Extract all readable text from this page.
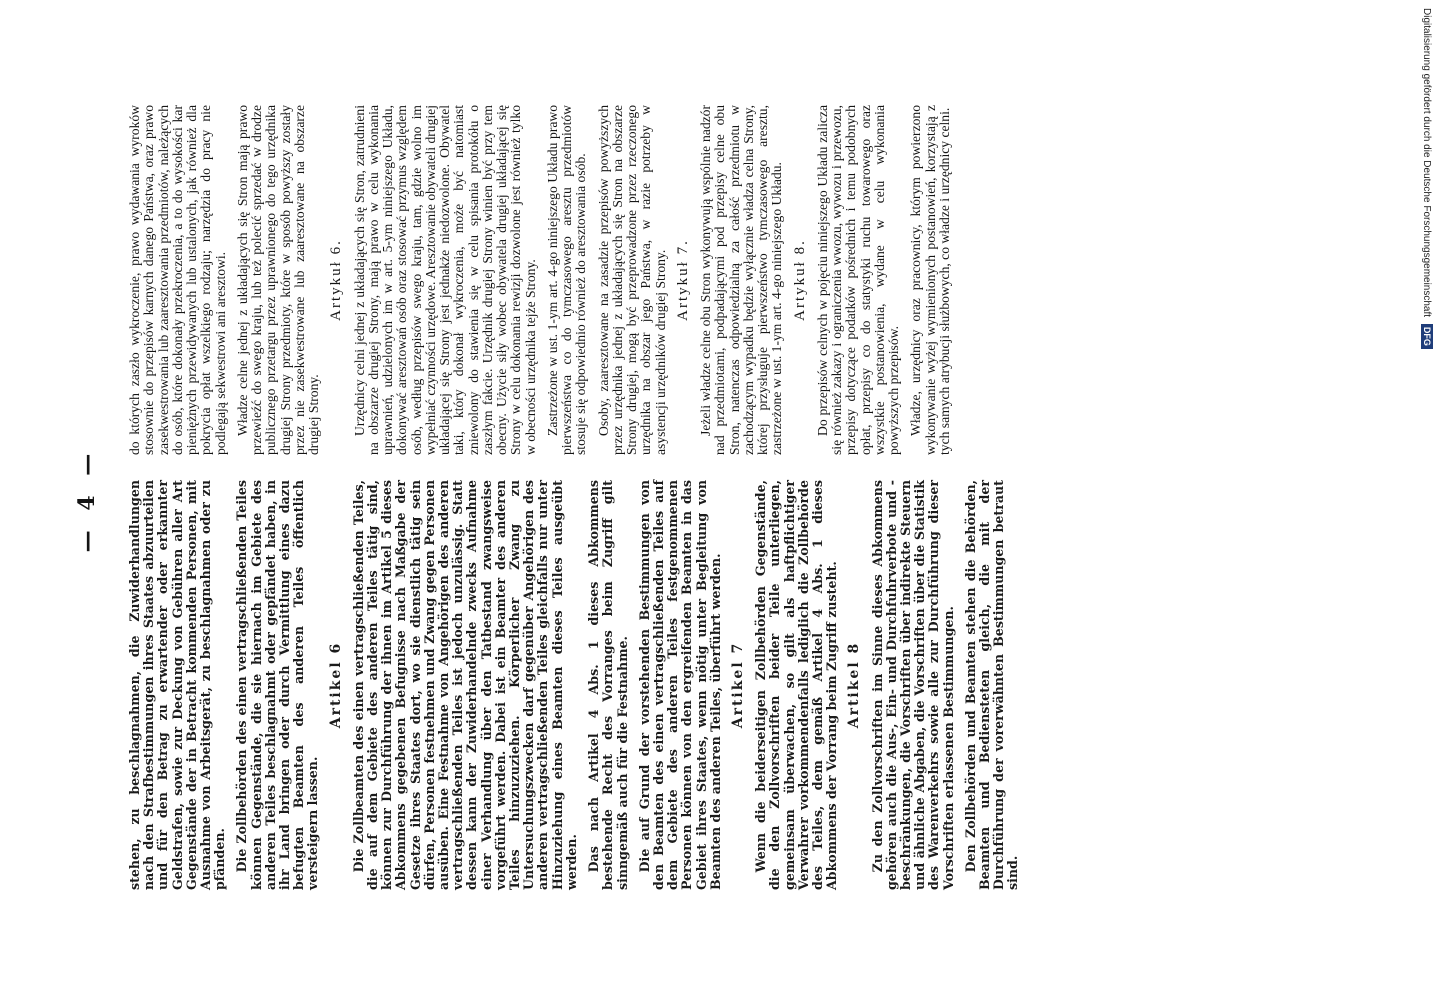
— 4 — stehen, zu beschlagnahmen, die Zuwiderhandlungen nach den Strafbestimmungen ihres Staates abzuurteilen und für den Betrag zu erwartender oder erkannter Geldstrafen, sowie zur Deckung von Gebühren aller Art Gegenstände der in Betracht kommenden Personen, mit Ausnahme von Arbeitsgerät, zu beschlagnahmen oder zu pfänden. Die Zollbehörden des einen vertragschließenden Teiles können Gegenstände, die sie hiernach im Gebiete des anderen Teiles beschlagnahmt oder gepfändet haben, in ihr Land bringen oder durch Vermittlung eines dazu befugten Beamten des anderen Teiles öffentlich versteigern lassen.

Artikel 6 Die Zollbeamten des einen vertragschließenden Teiles, die auf dem Gebiete des anderen Teiles tätig sind, können zur Durchführung der ihnen im Artikel 5 dieses Abkommens gegebenen Befugnisse nach Maßgabe der Gesetze ihres Staates dort, wo sie dienstlich tätig sein dürfen, Personen festnehmen und Zwang gegen Personen ausüben. Eine Festnahme von Angehörigen des anderen vertragschließenden Teiles ist jedoch unzulässig. Statt dessen kann der Zuwiderhandelnde zwecks Aufnahme einer Verhandlung über den Tatbestand zwangsweise vorgeführt werden. Dabei ist ein Beamter des anderen Teiles hinzuzuziehen. Körperlicher Zwang zu Untersuchungszwecken darf gegenüber Angehörigen des anderen vertragschließenden Teiles gleichfalls nur unter Hinzuziehung eines Beamten dieses Teiles ausgeübt werden. Das nach Artikel 4 Abs. 1 dieses Abkommens bestehende Recht des Vorranges beim Zugriff gilt sinngemäß auch für die Festnahme. Die auf Grund der vorstehenden Bestimmungen von den Beamten des einen vertragschließenden Teiles auf dem Gebiete des anderen Teiles festgenommenen Personen können von den ergreifenden Beamten in das Gebiet ihres Staates, wenn nötig unter Begleitung von Beamten des anderen Teiles, überführt werden. Artikel 7 Wenn die beiderseitigen Zollbehörden Gegenstände, die den Zollvorschriften beider Teile unterliegen, gemeinsam überwachen, so gilt als haftpflichtiger Verwahrer vorkommendenfalls lediglich die Zollbehörde des Teiles, dem gemäß Artikel 4 Abs. 1 dieses Abkommens der Vorrang beim Zugriff zusteht. Artikel 8 Zu den Zollvorschriften im Sinne dieses Abkommens gehören auch die Aus-, Ein- und Durchfuhrverbote und -beschränkungen, die Vorschriften über indirekte Steuern und ähnliche Abgaben, die Vorschriften über die Statistik des Warenverkehrs sowie alle zur Durchführung dieser Vorschriften erlassenen Bestimmungen. Den Zollbehörden und Beamten stehen die Behörden, Beamten und Bediensteten gleich, die mit der Durchführung der vorerwähnten Bestimmungen betraut sind.

do których zaszło wykroczenie, prawo wydawania wyroków stosownie do przepisów karnych danego Państwa, oraz prawo zasekwestrowania lub zaaresztowania przedmiotów, należących do osób, które dokonały przekroczenia, a to do wysokości kar pieniężnych przewidywanych lub ustalonych, jak również dla pokrycia opłat wszelkiego rodzaju; narzędzia do pracy nie podlegają sekwestrowi ani aresztowi. Władze celne jednej z układających się Stron mają prawo przewieźć do swego kraju, lub też polecić sprzedać w drodze publicznego przetargu przez uprawnionego do tego urzędnika drugiej Strony przedmioty, które w sposób powyższy zostały przez nie zasekwestrowane lub zaaresztowane na obszarze drugiej Strony.

Artykuł 6. Urzędnicy celni jednej z układających się Stron, zatrudnieni na obszarze drugiej Strony, mają prawo w celu wykonania uprawnień, udzielonych im w art. 5-ym niniejszego Układu, dokonywać aresztowań osób oraz stosować przymus względem osób, według przepisów swego kraju, tam, gdzie wolno im wypełniać czynności urzędowe. Aresztowanie obywateli drugiej układającej się Strony jest jednakże niedozwolone. Obywatel taki, który dokonał wykroczenia, może być natomiast zniewolony do stawienia się w celu spisania protokółu o zaszłym fakcie. Urzędnik drugiej Strony winien być przy tem obecny. Użycie siły wobec obywatela drugiej układającej się Strony w celu dokonania rewizji dozwolone jest również tylko w obecności urzędnika tejże Strony. Zastrzeżone w ust. 1-ym art. 4-go niniejszego Układu prawo pierwszeństwa co do tymczasowego aresztu przedmiotów stosuje się odpowiednio również do aresztowania osób. Osoby, zaaresztowane na zasadzie przepisów powyższych przez urzędnika jednej z układających się Stron na obszarze Strony drugiej, mogą być przeprowadzone przez rzeczonego urzędnika na obszar jego Państwa, w razie potrzeby w asystencji urzędników drugiej Strony. Artykuł 7. Jeżeli władze celne obu Stron wykonywują wspólnie nadzór nad przedmiotami, podpadającymi pod przepisy celne obu Stron, natenczas odpowiedzialną za całość przedmiotu w zachodzącym wypadku będzie wyłącznie władza celna Strony, której przysługuje pierwszeństwo tymczasowego aresztu, zastrzeżone w ust. 1-ym art. 4-go niniejszego Układu. Artykuł 8. Do przepisów celnych w pojęciu niniejszego Układu zalicza się również zakazy i ograniczenia wwozu, wywozu i przewozu, przepisy dotyczące podatków pośrednich i temu podobnych opłat, przepisy co do statystyki ruchu towarowego oraz wszystkie postanowienia, wydane w celu wykonania powyższych przepisów. Władze, urzędnicy oraz pracownicy, którym powierzono wykonywanie wyżej wymienionych postanowień, korzystają z tych samych atrybucji służbowych, co władze i urzędnicy celni.	Digitalisierung gefördert durch die Deutsche Forschungsgemeinschaft DFG
